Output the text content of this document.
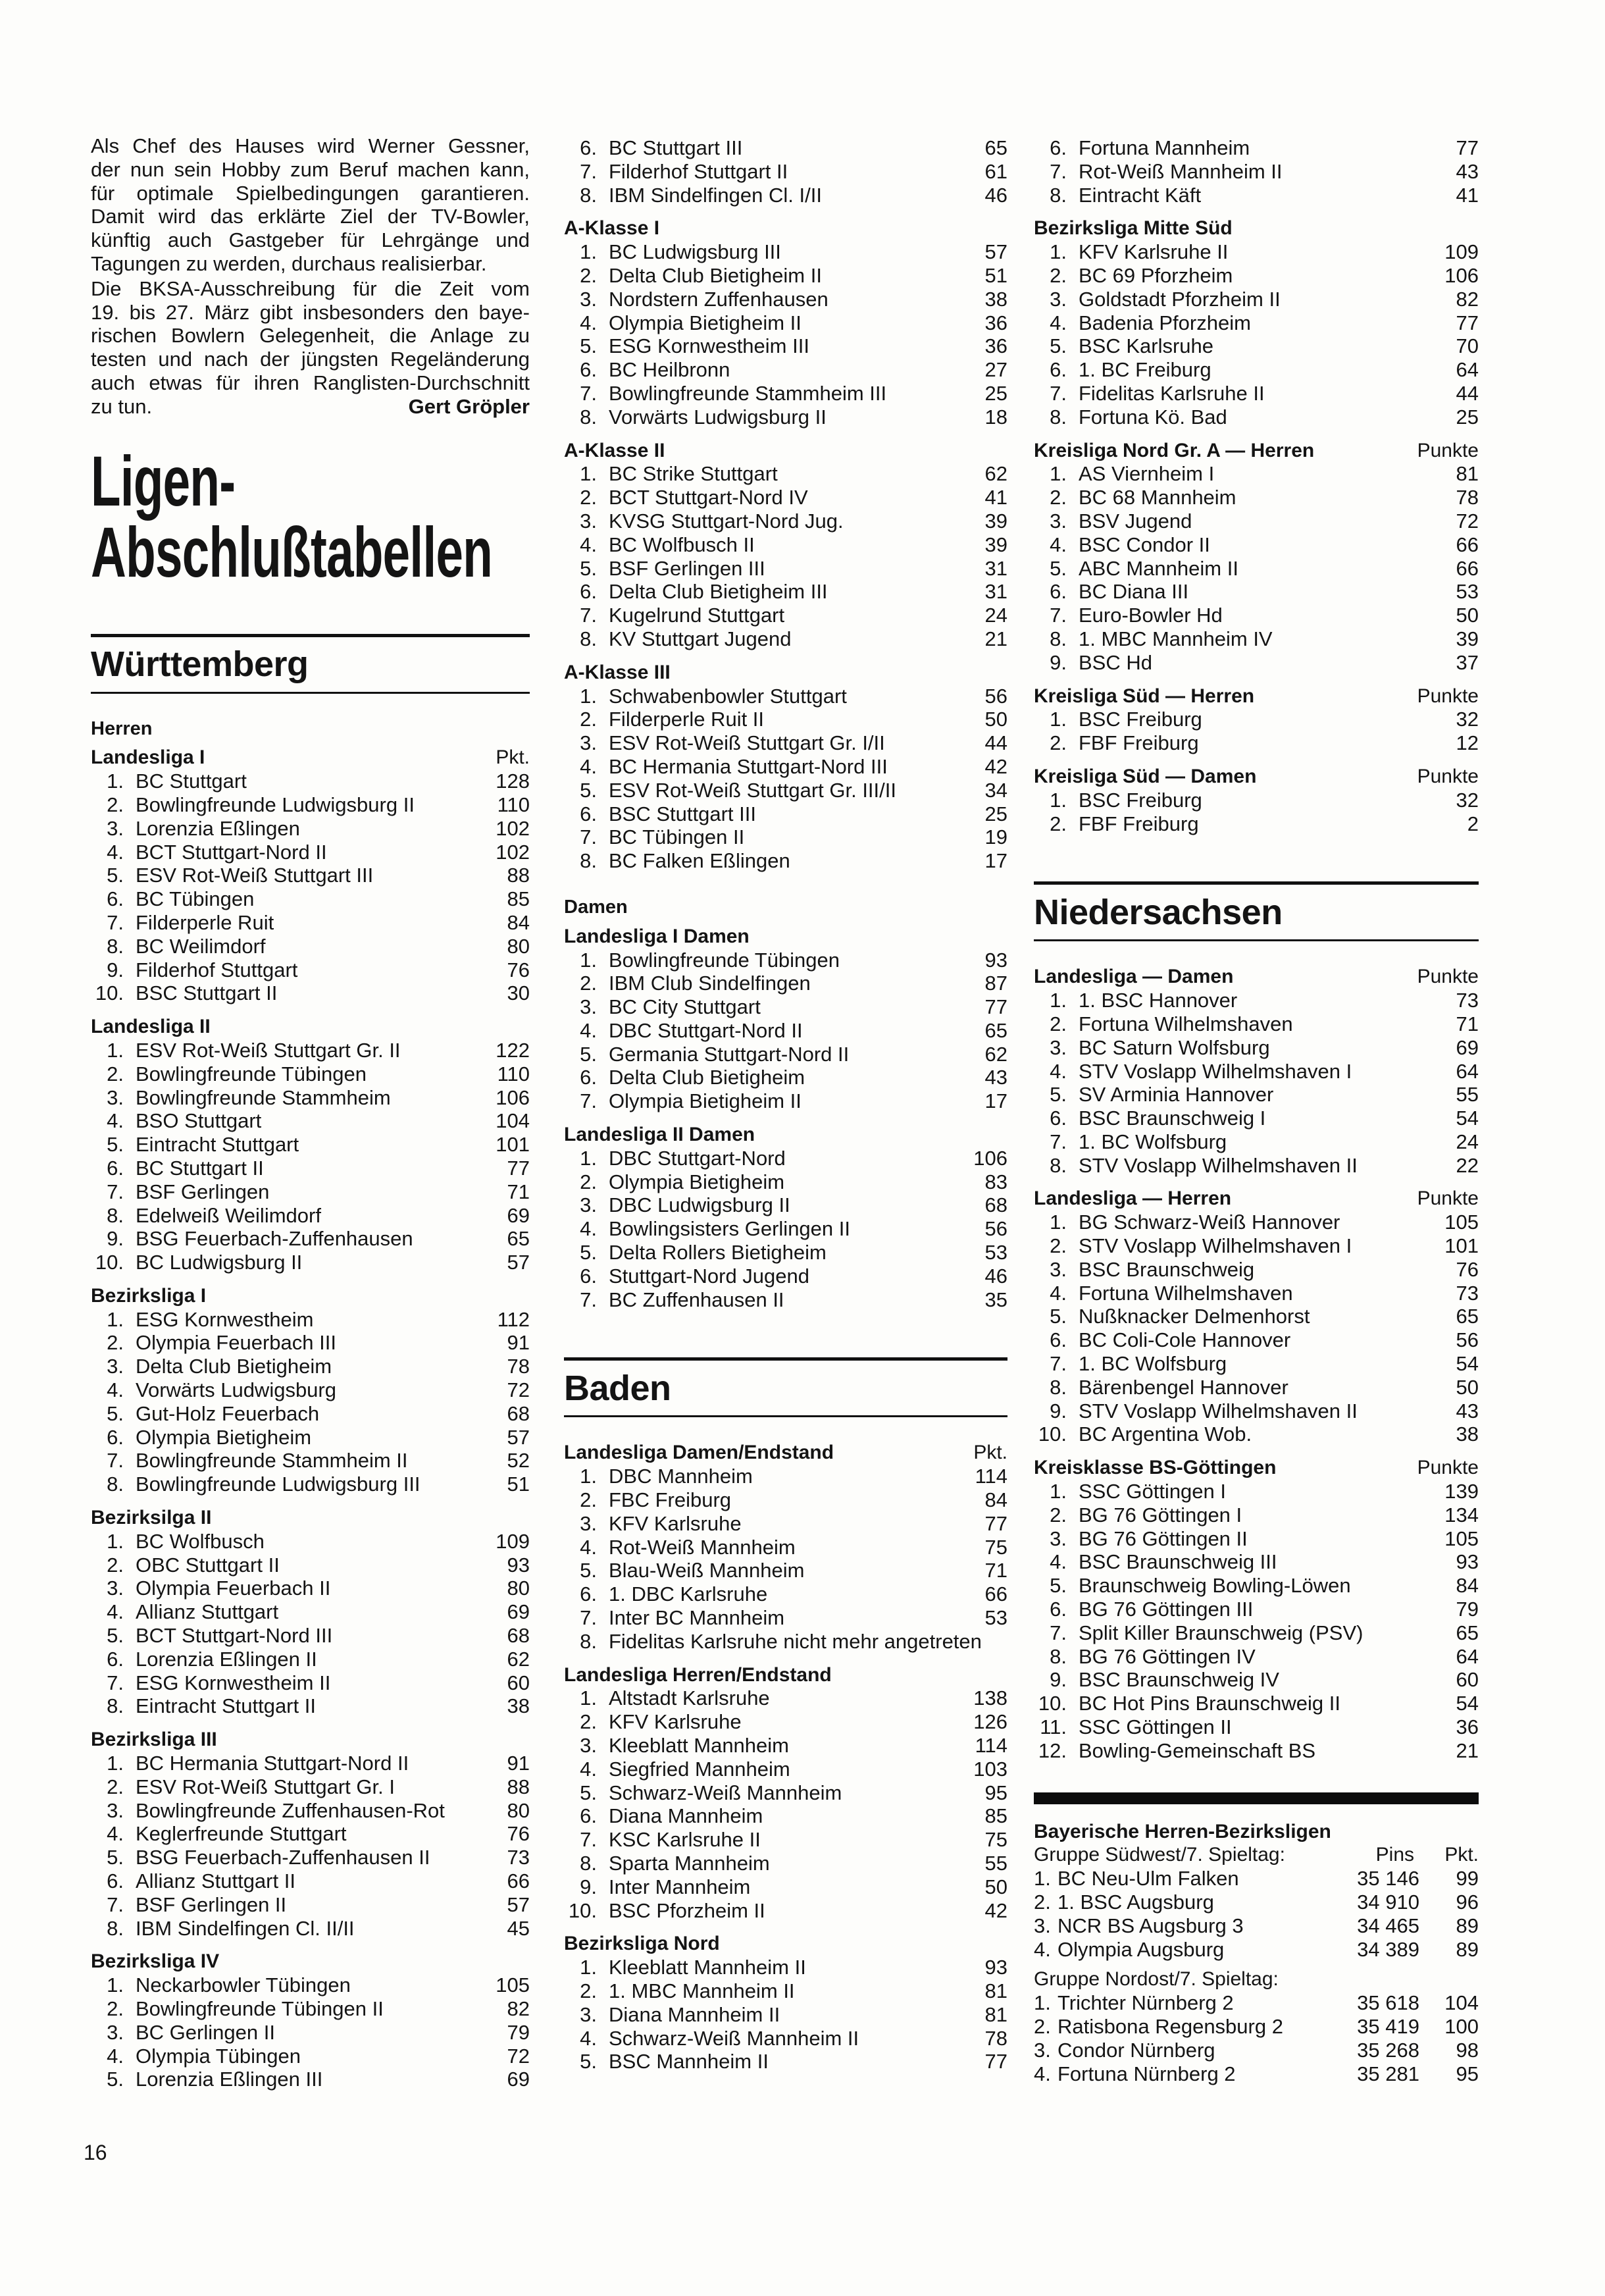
Als Chef des Hauses wird Werner Gessner,
der nun sein Hobby zum Beruf machen kann,
für optimale Spielbedingungen garantieren.
Damit wird das erklärte Ziel der TV-Bowler,
künftig auch Gastgeber für Lehrgänge und
Tagungen zu werden, durchaus realisierbar.
Die BKSA-Ausschreibung für die Zeit vom
19. bis 27. März gibt insbesonders den baye-
rischen Bowlern Gelegenheit, die Anlage zu
testen und nach der jüngsten Regeländerung
auch etwas für ihren Ranglisten-Durchschnitt
Gert Gröpler
zu tun.
Ligen-
Abschlußtabellen
Württemberg
Herren
Landesliga I	Pkt.
1. BC Stuttgart	128
2. Bowlingfreunde Ludwigsburg II	110
3. Lorenzia Eßlingen	102
4. BCT Stuttgart-Nord II	102
5. ESV Rot-Weiß Stuttgart III	88
6. BC Tübingen	85
7. Filderperle Ruit	84
8. BC Weilimdorf	80
9. Filderhof Stuttgart	76
10. BSC Stuttgart II	30
Landesliga II
1. ESV Rot-Weiß Stuttgart Gr. II	122
2. Bowlingfreunde Tübingen	110
3. Bowlingfreunde Stammheim	106
4. BSO Stuttgart	104
5. Eintracht Stuttgart	101
6. BC Stuttgart II	77
7. BSF Gerlingen	71
8. Edelweiß Weilimdorf	69
9. BSG Feuerbach-Zuffenhausen	65
10. BC Ludwigsburg II	57
Bezirksliga I
1. ESG Kornwestheim	112
2. Olympia Feuerbach III	91
3. Delta Club Bietigheim	78
4. Vorwärts Ludwigsburg	72
5. Gut-Holz Feuerbach	68
6. Olympia Bietigheim	57
7. Bowlingfreunde Stammheim II	52
8. Bowlingfreunde Ludwigsburg III	51
Bezirksilga II
1. BC Wolfbusch	109
2. OBC Stuttgart II	93
3. Olympia Feuerbach II	80
4. Allianz Stuttgart	69
5. BCT Stuttgart-Nord III	68
6. Lorenzia Eßlingen II	62
7. ESG Kornwestheim II	60
8. Eintracht Stuttgart II	38
Bezirksliga III
1. BC Hermania Stuttgart-Nord II	91
2. ESV Rot-Weiß Stuttgart Gr. I	88
3. Bowlingfreunde Zuffenhausen-Rot	80
4. Keglerfreunde Stuttgart	76
5. BSG Feuerbach-Zuffenhausen II	73
6. Allianz Stuttgart II	66
7. BSF Gerlingen II	57
8. IBM Sindelfingen Cl. II/II	45
Bezirksliga IV
1. Neckarbowler Tübingen	105
2. Bowlingfreunde Tübingen II	82
3. BC Gerlingen II	79
4. Olympia Tübingen	72
5. Lorenzia Eßlingen III	69
6. BC Stuttgart III	65
7. Filderhof Stuttgart II	61
8. IBM Sindelfingen Cl. I/II	46
A-Klasse I
1. BC Ludwigsburg III	57
2. Delta Club Bietigheim II	51
3. Nordstern Zuffenhausen	38
4. Olympia Bietigheim II	36
5. ESG Kornwestheim III	36
6. BC Heilbronn	27
7. Bowlingfreunde Stammheim III	25
8. Vorwärts Ludwigsburg II	18
A-Klasse II
1. BC Strike Stuttgart	62
2. BCT Stuttgart-Nord IV	41
3. KVSG Stuttgart-Nord Jug.	39
4. BC Wolfbusch II	39
5. BSF Gerlingen III	31
6. Delta Club Bietigheim III	31
7. Kugelrund Stuttgart	24
8. KV Stuttgart Jugend	21
A-Klasse III
1. Schwabenbowler Stuttgart	56
2. Filderperle Ruit II	50
3. ESV Rot-Weiß Stuttgart Gr. I/II	44
4. BC Hermania Stuttgart-Nord III	42
5. ESV Rot-Weiß Stuttgart Gr. III/II	34
6. BSC Stuttgart III	25
7. BC Tübingen II	19
8. BC Falken Eßlingen	17
Damen
Landesliga I Damen
1. Bowlingfreunde Tübingen	93
2. IBM Club Sindelfingen	87
3. BC City Stuttgart	77
4. DBC Stuttgart-Nord II	65
5. Germania Stuttgart-Nord II	62
6. Delta Club Bietigheim	43
7. Olympia Bietigheim II	17
Landesliga II Damen
1. DBC Stuttgart-Nord	106
2. Olympia Bietigheim	83
3. DBC Ludwigsburg II	68
4. Bowlingsisters Gerlingen II	56
5. Delta Rollers Bietigheim	53
6. Stuttgart-Nord Jugend	46
7. BC Zuffenhausen II	35
Baden
Landesliga Damen/Endstand	Pkt.
1. DBC Mannheim	114
2. FBC Freiburg	84
3. KFV Karlsruhe	77
4. Rot-Weiß Mannheim	75
5. Blau-Weiß Mannheim	71
6. 1. DBC Karlsruhe	66
7. Inter BC Mannheim	53
8. Fidelitas Karlsruhe nicht mehr angetreten
Landesliga Herren/Endstand
1. Altstadt Karlsruhe	138
2. KFV Karlsruhe	126
3. Kleeblatt Mannheim	114
4. Siegfried Mannheim	103
5. Schwarz-Weiß Mannheim	95
6. Diana Mannheim	85
7. KSC Karlsruhe II	75
8. Sparta Mannheim	55
9. Inter Mannheim	50
10. BSC Pforzheim II	42
Bezirksliga Nord
1. Kleeblatt Mannheim II	93
2. 1. MBC Mannheim II	81
3. Diana Mannheim II	81
4. Schwarz-Weiß Mannheim II	78
5. BSC Mannheim II	77
6. Fortuna Mannheim	77
7. Rot-Weiß Mannheim II	43
8. Eintracht Käft	41
Bezirksliga Mitte Süd
1. KFV Karlsruhe II	109
2. BC 69 Pforzheim	106
3. Goldstadt Pforzheim II	82
4. Badenia Pforzheim	77
5. BSC Karlsruhe	70
6. 1. BC Freiburg	64
7. Fidelitas Karlsruhe II	44
8. Fortuna Kö. Bad	25
Kreisliga Nord Gr. A — Herren	Punkte
1. AS Viernheim I	81
2. BC 68 Mannheim	78
3. BSV Jugend	72
4. BSC Condor II	66
5. ABC Mannheim II	66
6. BC Diana III	53
7. Euro-Bowler Hd	50
8. 1. MBC Mannheim IV	39
9. BSC Hd	37
Kreisliga Süd — Herren	Punkte
1. BSC Freiburg	32
2. FBF Freiburg	12
Kreisliga Süd — Damen	Punkte
1. BSC Freiburg	32
2. FBF Freiburg	2
Niedersachsen
Landesliga — Damen	Punkte
1. 1. BSC Hannover	73
2. Fortuna Wilhelmshaven	71
3. BC Saturn Wolfsburg	69
4. STV Voslapp Wilhelmshaven I	64
5. SV Arminia Hannover	55
6. BSC Braunschweig I	54
7. 1. BC Wolfsburg	24
8. STV Voslapp Wilhelmshaven II	22
Landesliga — Herren	Punkte
1. BG Schwarz-Weiß Hannover	105
2. STV Voslapp Wilhelmshaven I	101
3. BSC Braunschweig	76
4. Fortuna Wilhelmshaven	73
5. Nußknacker Delmenhorst	65
6. BC Coli-Cole Hannover	56
7. 1. BC Wolfsburg	54
8. Bärenbengel Hannover	50
9. STV Voslapp Wilhelmshaven II	43
10. BC Argentina Wob.	38
Kreisklasse BS-Göttingen	Punkte
1. SSC Göttingen I	139
2. BG 76 Göttingen I	134
3. BG 76 Göttingen II	105
4. BSC Braunschweig III	93
5. Braunschweig Bowling-Löwen	84
6. BG 76 Göttingen III	79
7. Split Killer Braunschweig (PSV)	65
8. BG 76 Göttingen IV	64
9. BSC Braunschweig IV	60
10. BC Hot Pins Braunschweig II	54
11. SSC Göttingen II	36
12. Bowling-Gemeinschaft BS	21
Bayerische Herren-Bezirksligen
Gruppe Südwest/7. Spieltag:	Pins	Pkt.
1. BC Neu-Ulm Falken	35 146	99
2. 1. BSC Augsburg	34 910	96
3. NCR BS Augsburg 3	34 465	89
4. Olympia Augsburg	34 389	89
Gruppe Nordost/7. Spieltag:
1. Trichter Nürnberg 2	35 618	104
2. Ratisbona Regensburg 2	35 419	100
3. Condor Nürnberg	35 268	98
4. Fortuna Nürnberg 2	35 281	95
16
